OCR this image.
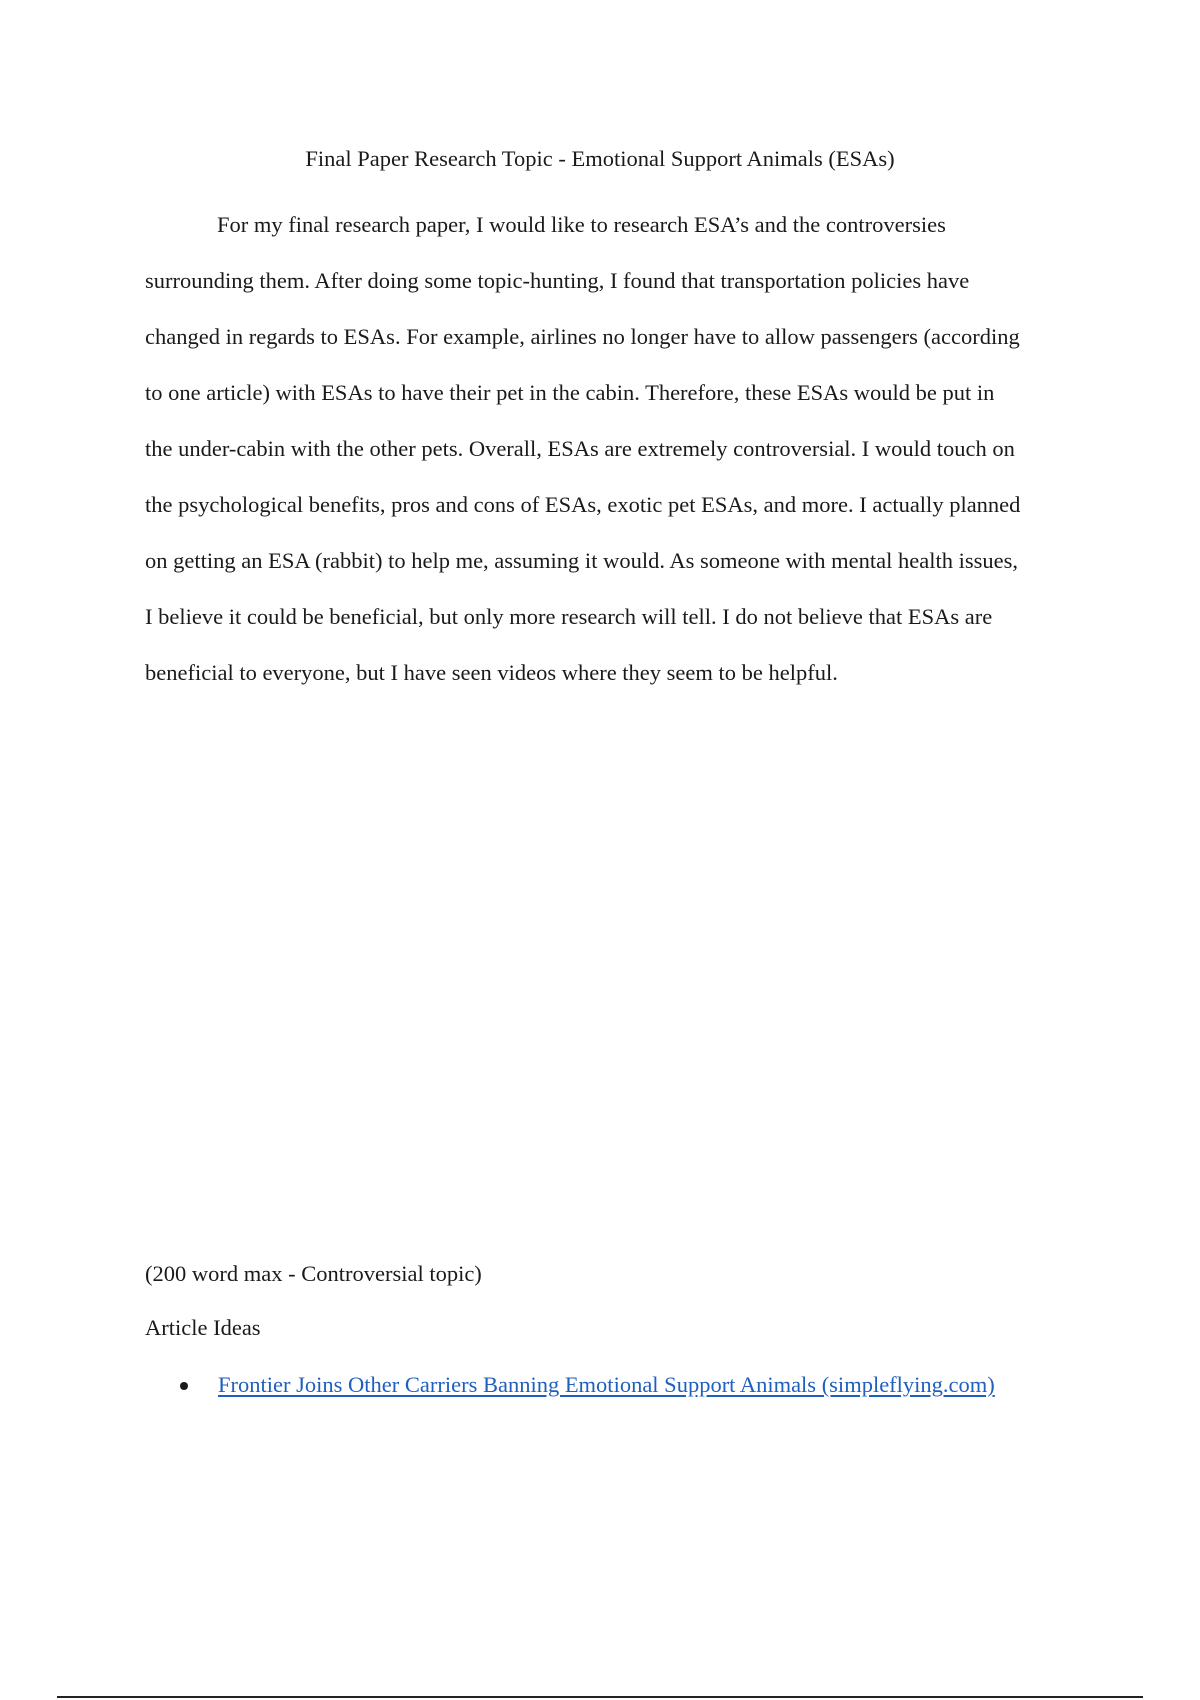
Final Paper Research Topic - Emotional Support Animals (ESAs)
For my final research paper, I would like to research ESA’s and the controversies
surrounding them. After doing some topic-hunting, I found that transportation policies have
changed in regards to ESAs. For example, airlines no longer have to allow passengers (according
to one article) with ESAs to have their pet in the cabin. Therefore, these ESAs would be put in
the under-cabin with the other pets. Overall, ESAs are extremely controversial. I would touch on
the psychological benefits, pros and cons of ESAs, exotic pet ESAs, and more. I actually planned
on getting an ESA (rabbit) to help me, assuming it would. As someone with mental health issues,
I believe it could be beneficial, but only more research will tell. I do not believe that ESAs are
beneficial to everyone, but I have seen videos where they seem to be helpful.

(200 word max - Controversial topic)

Article Ideas

Frontier Joins Other Carriers Banning Emotional Support Animals (simpleflying.com)
